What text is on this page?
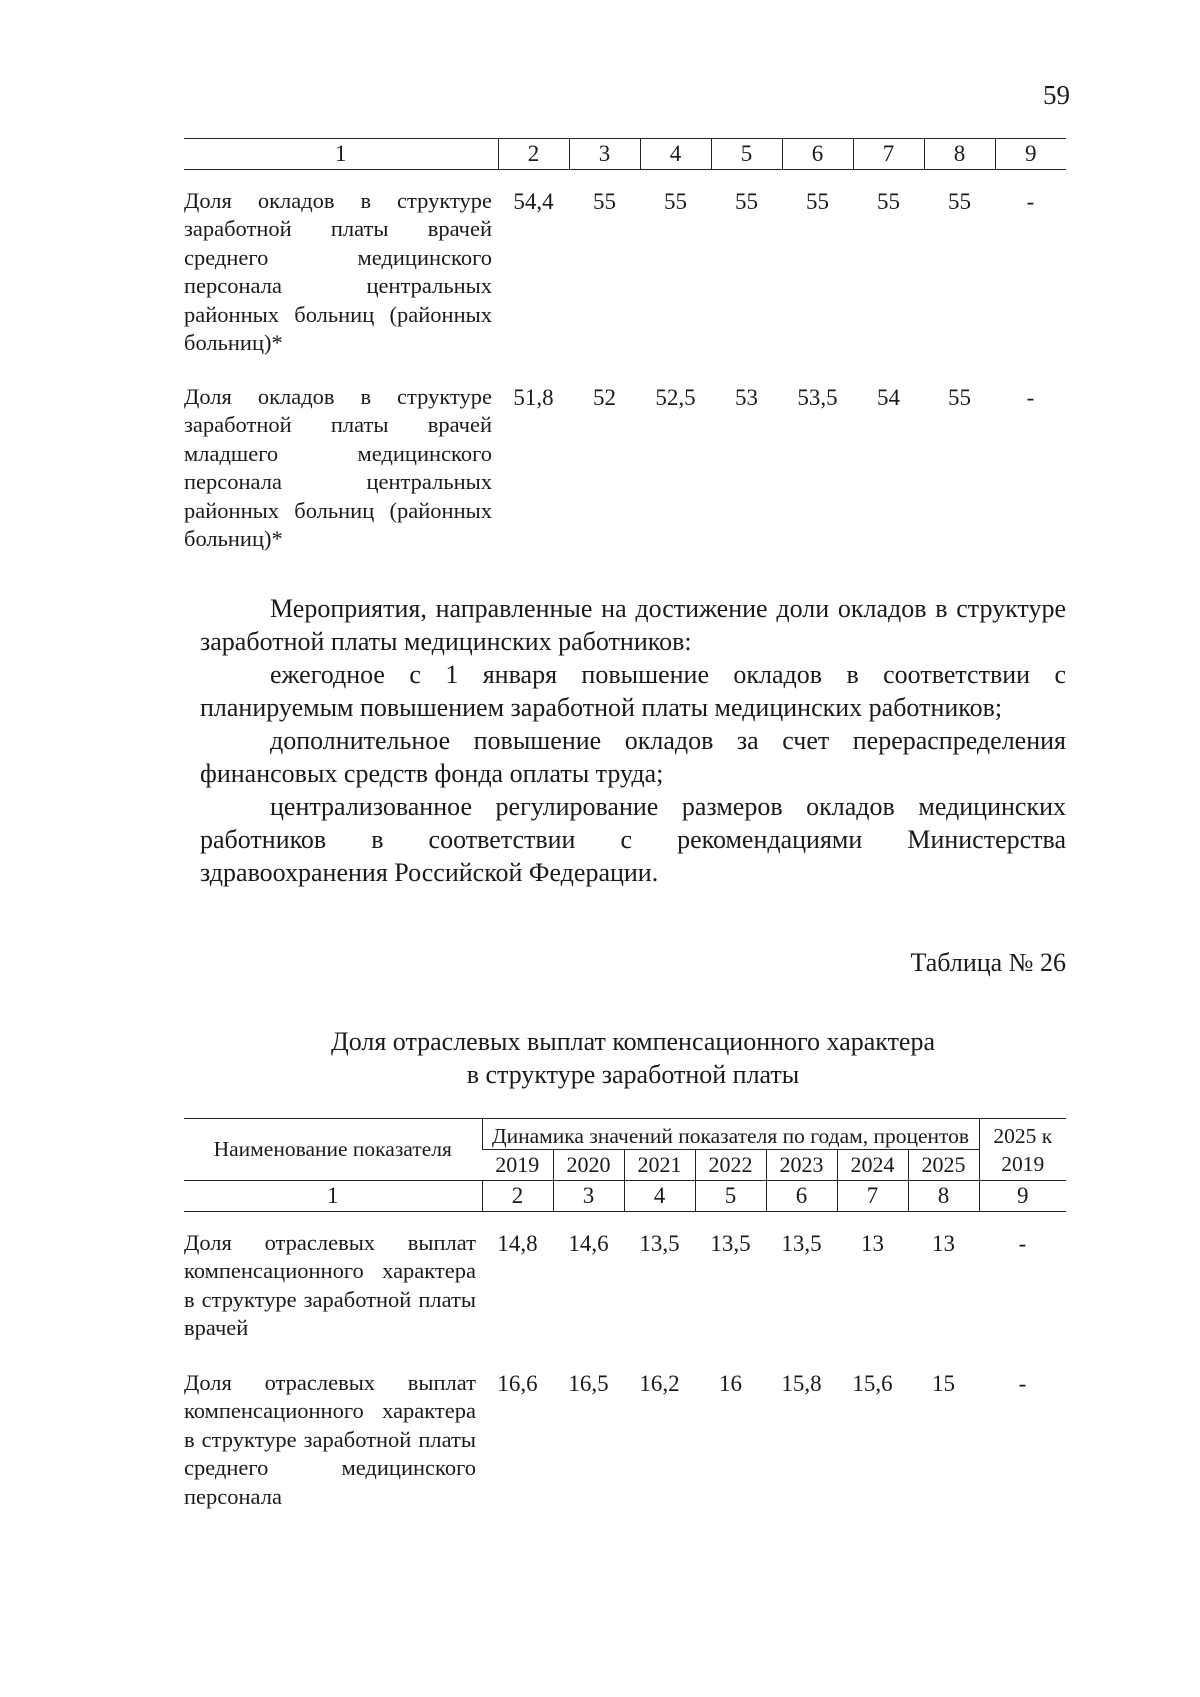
59
1	2	3	4	5	6	7	8	9

Доля окладов в структуре заработной платы врачей среднего медицинского персонала центральных районных больниц (районных больниц)*	54,4	55	55	55	55	55	55	-
Доля окладов в структуре заработной платы врачей младшего медицинского персонала центральных районных больниц (районных больниц)*	51,8	52	52,5	53	53,5	54	55	-

Мероприятия, направленные на достижение доли окладов в структуре заработной платы медицинских работников:

ежегодное с 1 января повышение окладов в соответствии с планируемым повышением заработной платы медицинских работников;

дополнительное повышение окладов за счет перераспределения финансовых средств фонда оплаты труда;

централизованное регулирование размеров окладов медицинских работников в соответствии с рекомендациями Министерства здравоохранения Российской Федерации.

Таблица № 26
Доля отраслевых выплат компенсационного характера
в структуре заработной платы
Наименование показателя	Динамика значений показателя по годам, процентов							2025 к 2019
	2019	2020	2021	2022	2023	2024	2025	
1	2	3	4	5	6	7	8	9

Доля отраслевых выплат компенсационного характера в структуре заработной платы врачей	14,8	14,6	13,5	13,5	13,5	13	13	-
Доля отраслевых выплат компенсационного характера в структуре заработной платы среднего медицинского персонала	16,6	16,5	16,2	16	15,8	15,6	15	-
